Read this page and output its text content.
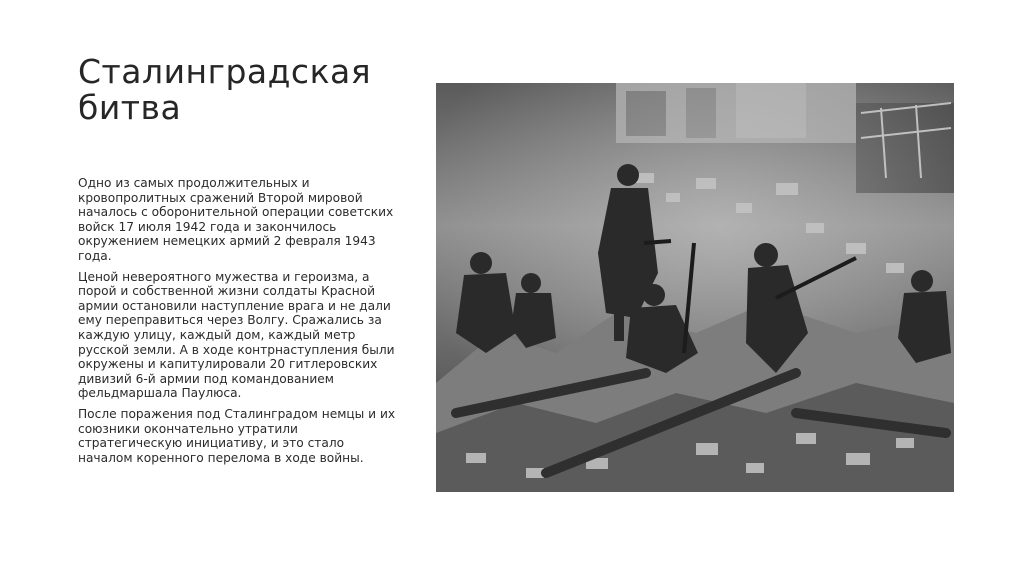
Сталинградская битва

Одно из самых продолжительных и кровопролитных сражений Второй мировой началось с оборонительной операции советских войск 17 июля 1942 года и закончилось окружением немецких армий 2 февраля 1943 года.

Ценой невероятного мужества и героизма, а порой и собственной жизни солдаты Красной армии остановили наступление врага и не дали ему переправиться через Волгу. Сражались за каждую улицу, каждый дом, каждый метр русской земли. А в ходе контрнаступления были окружены и капитулировали 20 гитлеровских дивизий 6-й армии под командованием фельдмаршала Паулюса.

После поражения под Сталинградом немцы и их союзники окончательно утратили стратегическую инициативу, и это стало началом коренного перелома в ходе войны.
